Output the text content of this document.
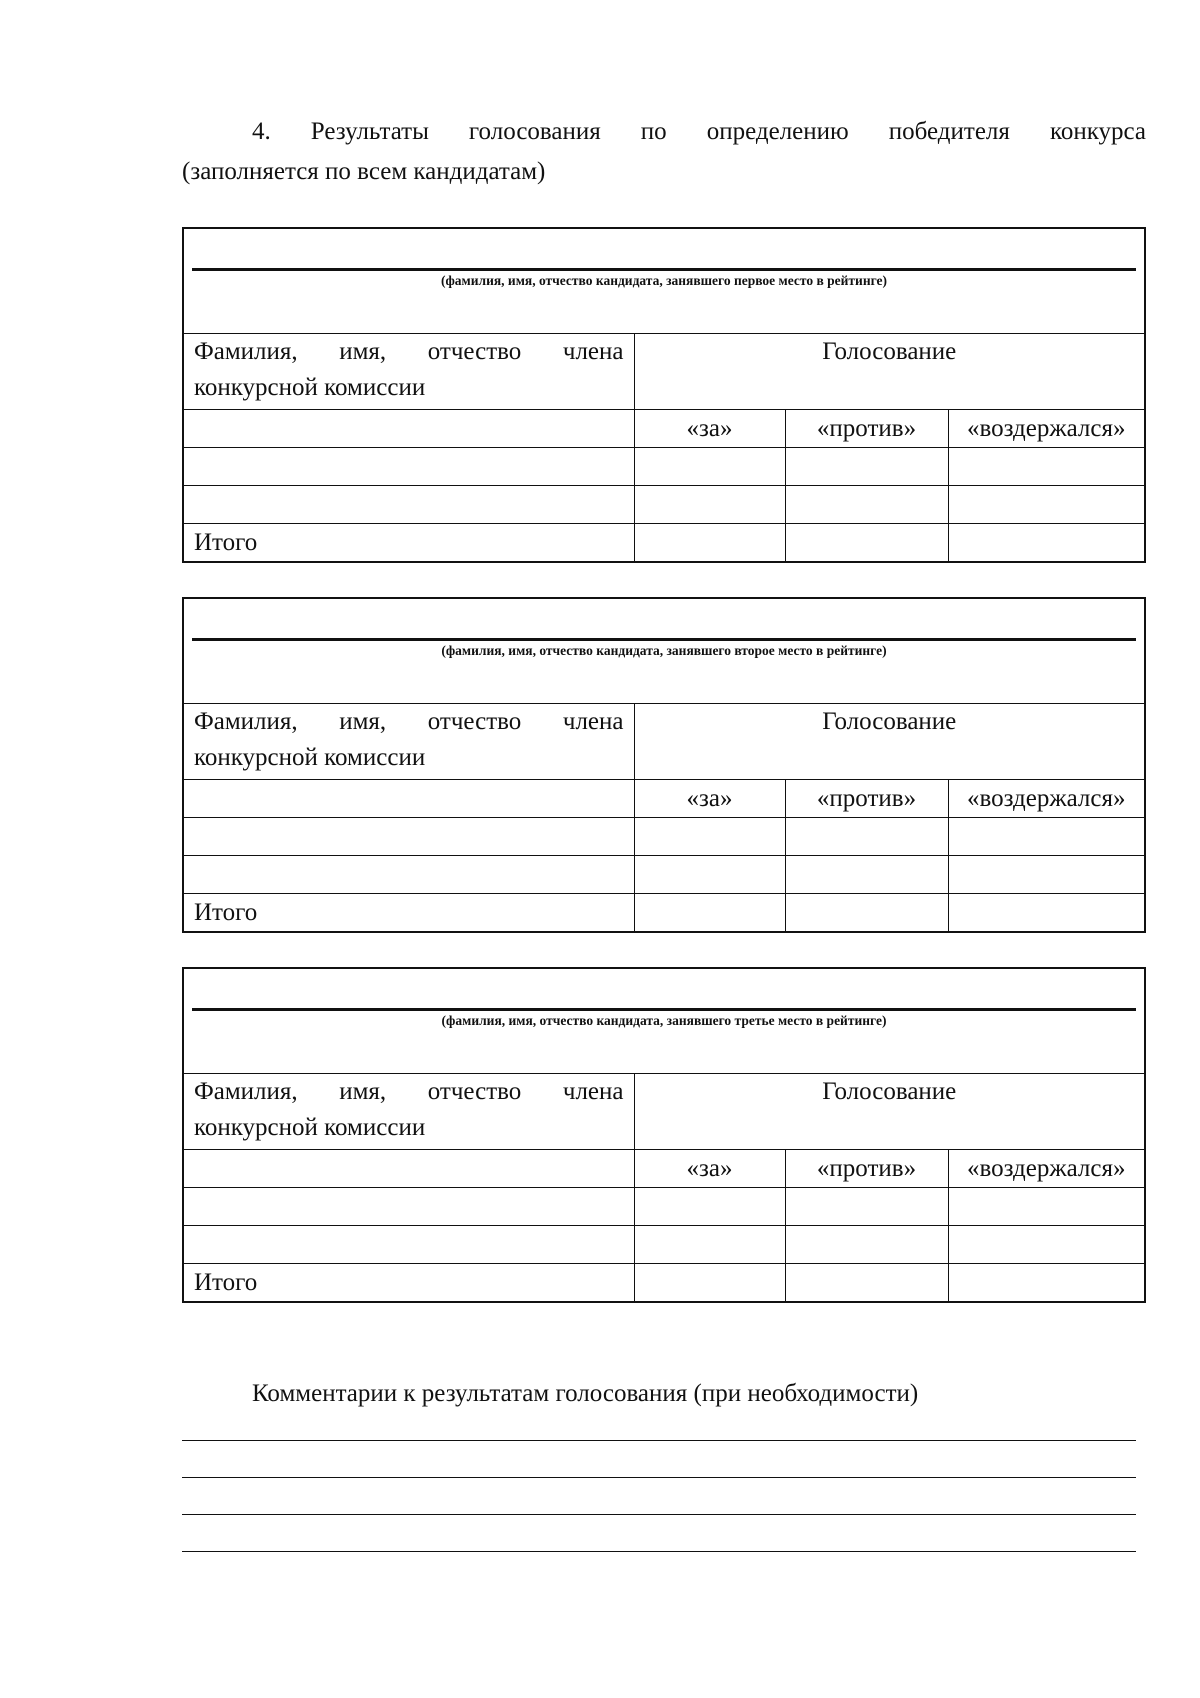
4. Результаты голосования по определению победителя конкурса
(заполняется по всем кандидатам)
(фамилия, имя, отчество кандидата, занявшего первое место в рейтинге)
Фамилия, имя, отчество члена
конкурсной комиссии	Голосование		
	«за»	«против»	«воздержался»

Итого			
(фамилия, имя, отчество кандидата, занявшего второе место в рейтинге)
Фамилия, имя, отчество члена
конкурсной комиссии	Голосование		
	«за»	«против»	«воздержался»

Итого			
(фамилия, имя, отчество кандидата, занявшего третье место в рейтинге)
Фамилия, имя, отчество члена
конкурсной комиссии	Голосование		
	«за»	«против»	«воздержался»

Итого			
Комментарии к результатам голосования (при необходимости)
